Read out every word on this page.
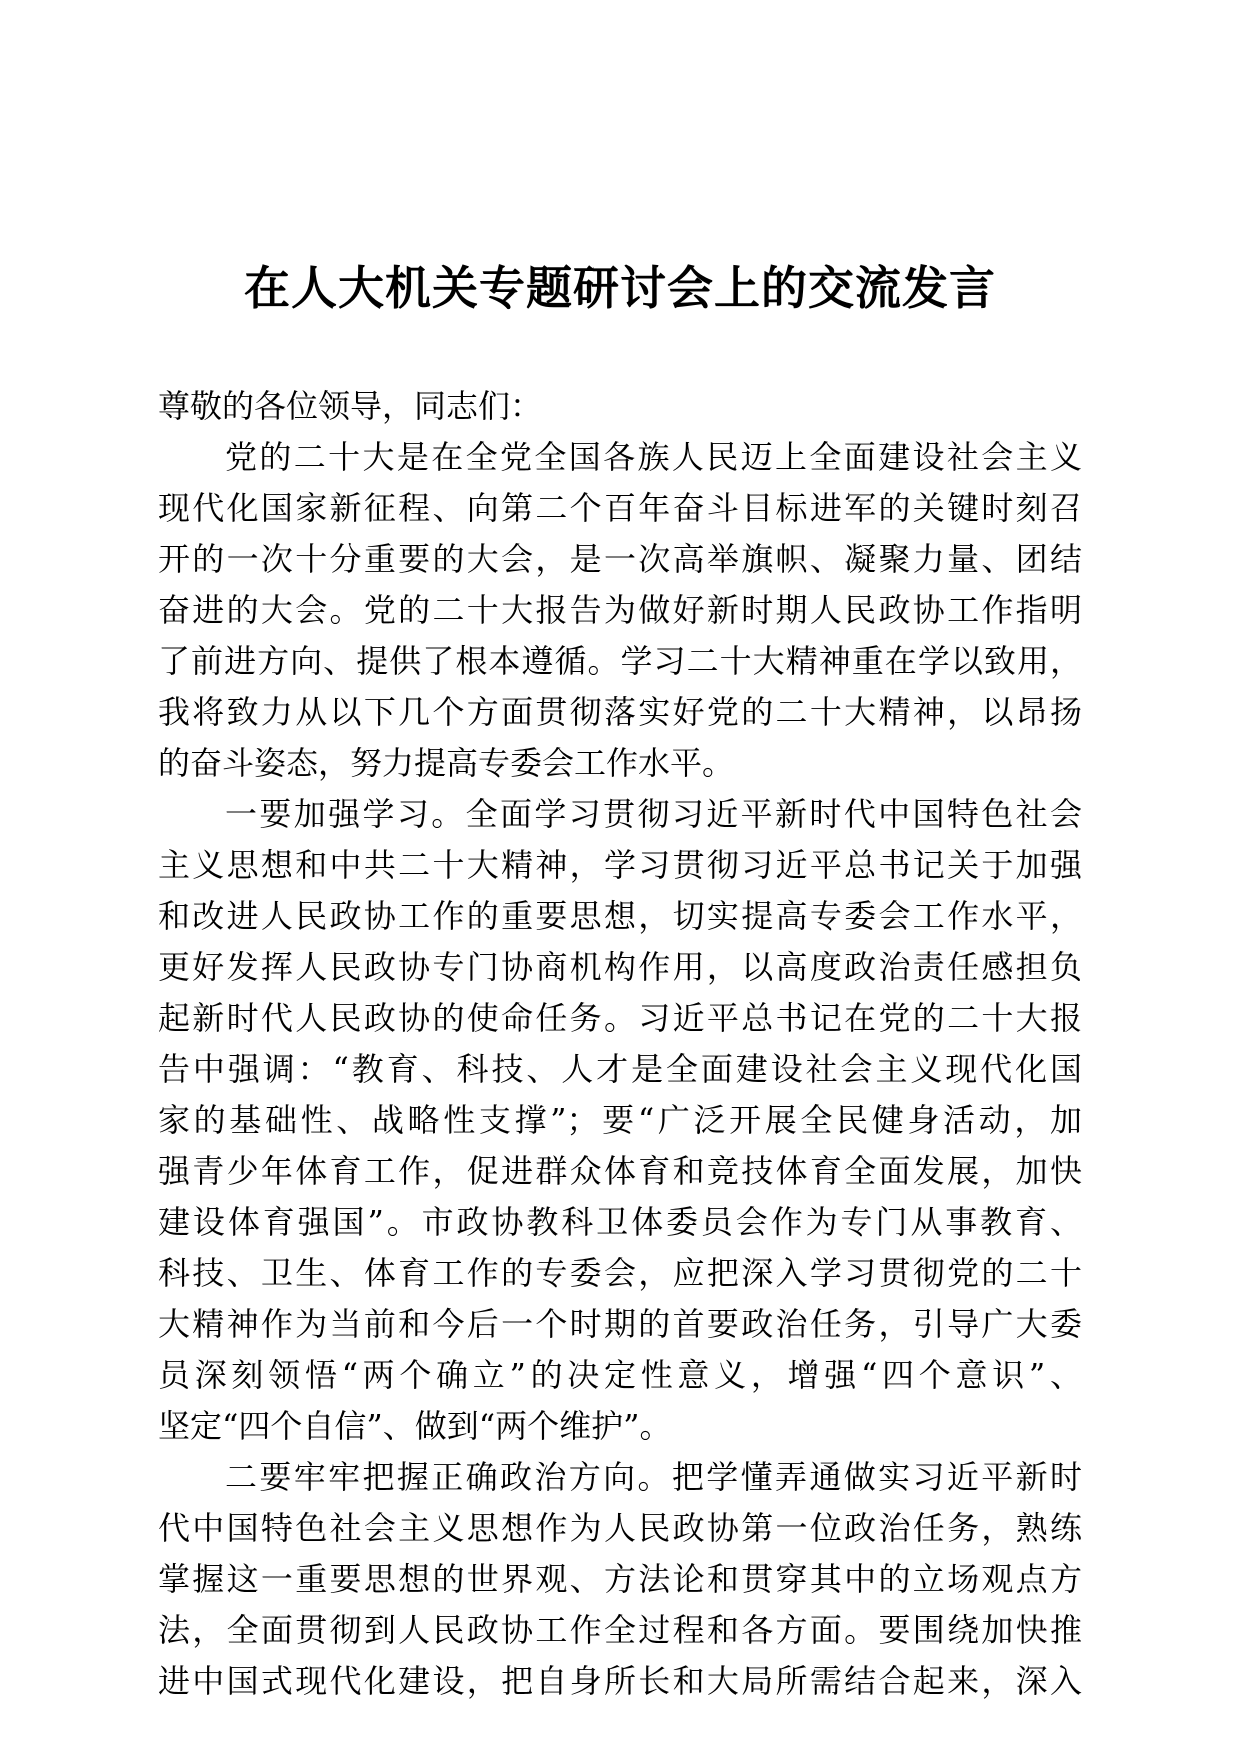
在人大机关专题研讨会上的交流发言
尊敬的各位领导，同志们：
党的二十大是在全党全国各族人民迈上全面建设社会主义
现代化国家新征程、向第二个百年奋斗目标进军的关键时刻召
开的一次十分重要的大会，是一次高举旗帜、凝聚力量、团结
奋进的大会。党的二十大报告为做好新时期人民政协工作指明
了前进方向、提供了根本遵循。学习二十大精神重在学以致用，
我将致力从以下几个方面贯彻落实好党的二十大精神，以昂扬
的奋斗姿态，努力提高专委会工作水平。
一要加强学习。全面学习贯彻习近平新时代中国特色社会
主义思想和中共二十大精神，学习贯彻习近平总书记关于加强
和改进人民政协工作的重要思想，切实提高专委会工作水平，
更好发挥人民政协专门协商机构作用，以高度政治责任感担负
起新时代人民政协的使命任务。习近平总书记在党的二十大报
告中强调：“教育、科技、人才是全面建设社会主义现代化国
家的基础性、战略性支撑”；要“广泛开展全民健身活动，加
强青少年体育工作，促进群众体育和竞技体育全面发展，加快
建设体育强国”。市政协教科卫体委员会作为专门从事教育、
科技、卫生、体育工作的专委会，应把深入学习贯彻党的二十
大精神作为当前和今后一个时期的首要政治任务，引导广大委
员深刻领悟“两个确立”的决定性意义，增强“四个意识”、
坚定“四个自信”、做到“两个维护”。
二要牢牢把握正确政治方向。把学懂弄通做实习近平新时
代中国特色社会主义思想作为人民政协第一位政治任务，熟练
掌握这一重要思想的世界观、方法论和贯穿其中的立场观点方
法，全面贯彻到人民政协工作全过程和各方面。要围绕加快推
进中国式现代化建设，把自身所长和大局所需结合起来，深入
